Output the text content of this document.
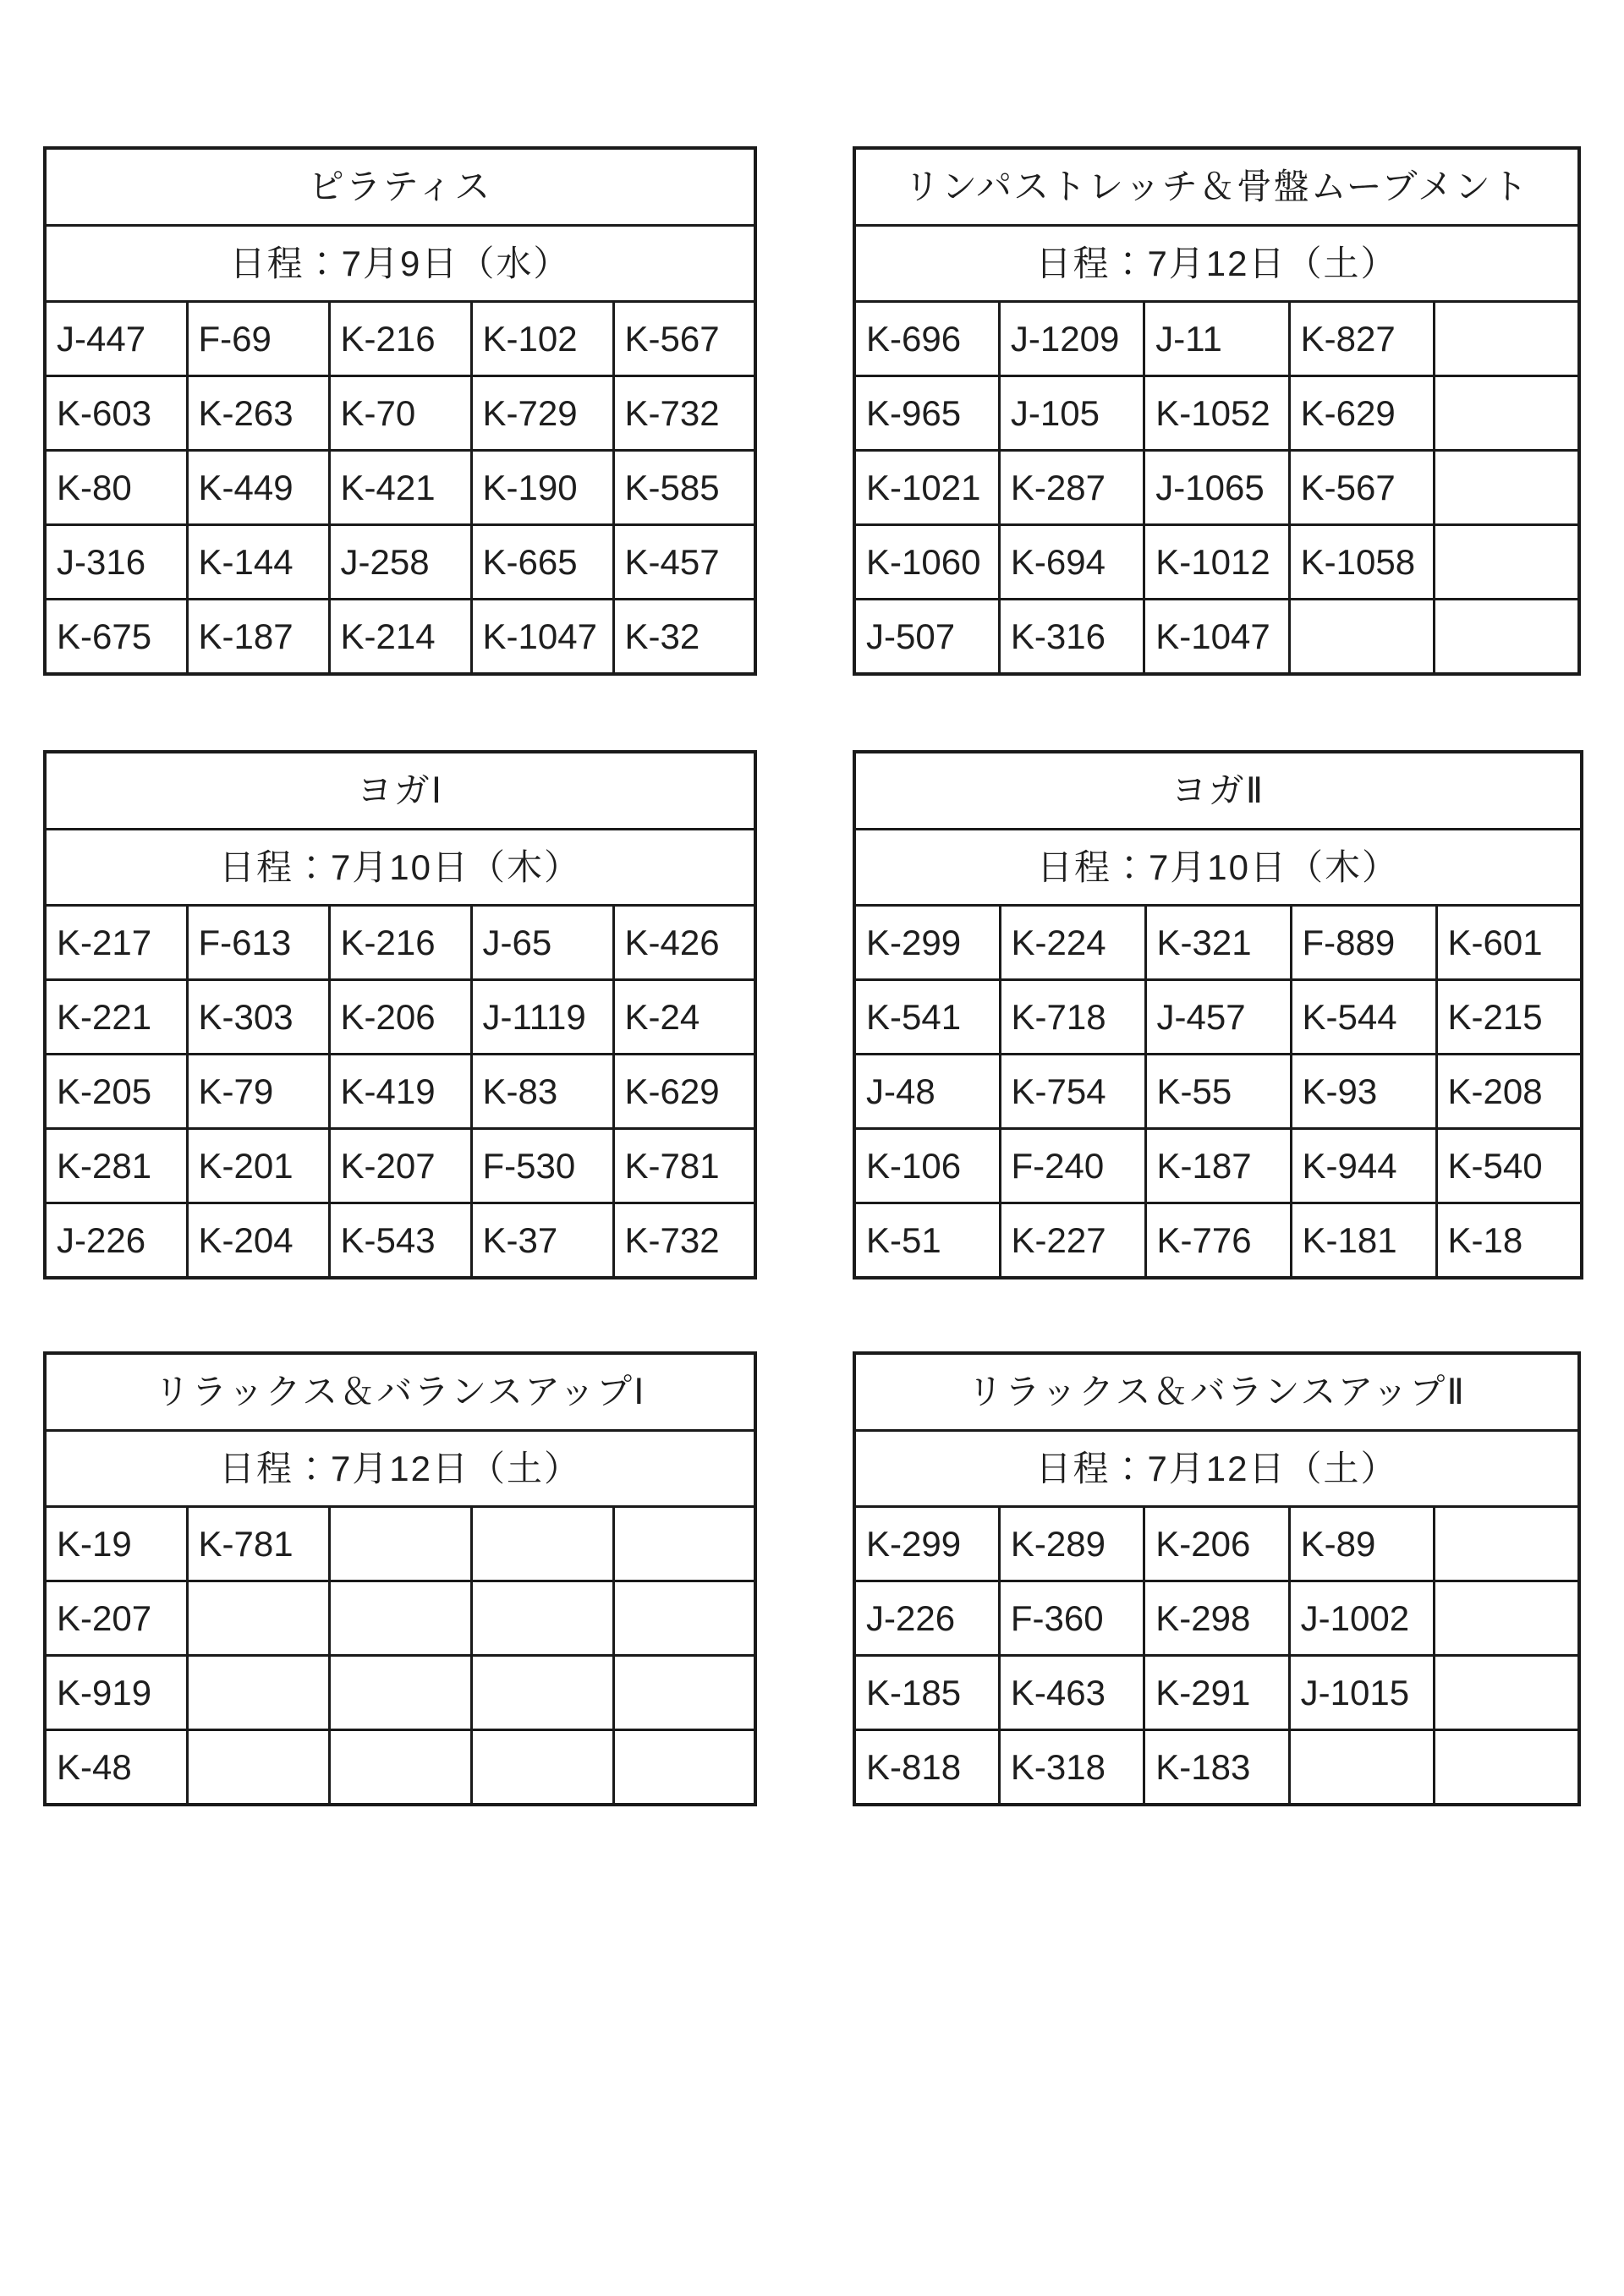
ピラティス				
日程：7月9日（水）				
J-447	F-69	K-216	K-102	K-567
K-603	K-263	K-70	K-729	K-732
K-80	K-449	K-421	K-190	K-585
J-316	K-144	J-258	K-665	K-457
K-675	K-187	K-214	K-1047	K-32
リンパストレッチ＆骨盤ムーブメント				
日程：7月12日（土）				
K-696	J-1209	J-11	K-827	
K-965	J-105	K-1052	K-629	
K-1021	K-287	J-1065	K-567	
K-1060	K-694	K-1012	K-1058	
J-507	K-316	K-1047		
ヨガⅠ				
日程：7月10日（木）				
K-217	F-613	K-216	J-65	K-426
K-221	K-303	K-206	J-1119	K-24
K-205	K-79	K-419	K-83	K-629
K-281	K-201	K-207	F-530	K-781
J-226	K-204	K-543	K-37	K-732
ヨガⅡ				
日程：7月10日（木）				
K-299	K-224	K-321	F-889	K-601
K-541	K-718	J-457	K-544	K-215
J-48	K-754	K-55	K-93	K-208
K-106	F-240	K-187	K-944	K-540
K-51	K-227	K-776	K-181	K-18
リラックス＆バランスアップⅠ				
日程：7月12日（土）				
K-19	K-781			
K-207				
K-919				
K-48				
リラックス＆バランスアップⅡ				
日程：7月12日（土）				
K-299	K-289	K-206	K-89	
J-226	F-360	K-298	J-1002	
K-185	K-463	K-291	J-1015	
K-818	K-318	K-183		
